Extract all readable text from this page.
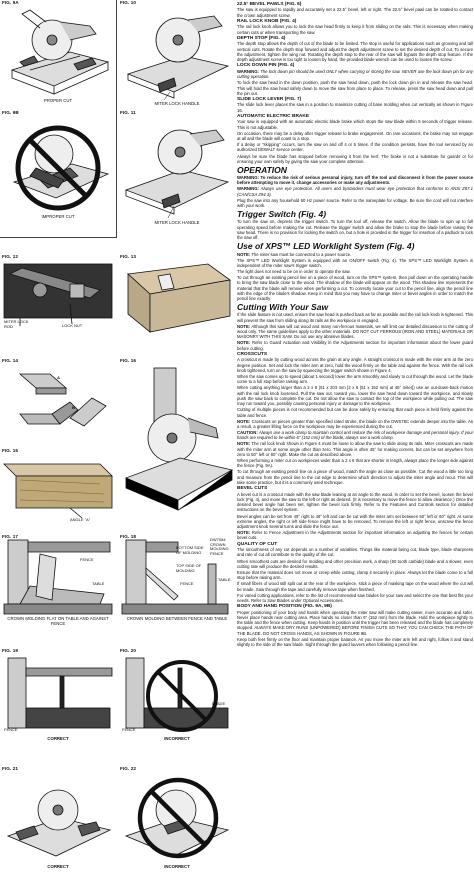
FIG. 9A
PROPER CUT
FIG. 9B
IMPROPER CUT
FIG. 10
MITER LOCK HANDLE
FIG. 11
MITER LOCK HANDLE
FIG. 12
MITER LOCK ROD	LOCK NUT
FIG. 13
FIG. 14
A
B
FIG. 15
ANGLE "A"
FIG. 16
FIG. 17
FENCE
TABLE
CROWN MOLDING FLAT ON TABLE AND AGAINST FENCE
FIG. 18
BOTTOM SIDE OF MOLDING
TOP SIDE OF MOLDING
DW7084 CROWN MOLDING FENCE
FENCE
TABLE
CROWN MOLDING BETWEEN FENCE AND TABLE
FIG. 19
FENCE
CORRECT
FIG. 20
BLADE
FENCE
INCORRECT
FIG. 21
CORRECT
FIG. 22
INCORRECT
22.5° BEVEL PAWLS (FIG. 6)

The saw is equipped to rapidly and accurately set a 22.5° bevel, left or right. The 22.5° bevel pawl can be rotated to contact the crown adjustment screw.

RAIL LOCK KNOB (FIG. 4)

The rail lock knob allows you to lock the saw head firmly to keep it from sliding on the rails. This is necessary when making certain cuts or when transporting the saw.

DEPTH STOP (FIG. 4)

The depth stop allows the depth of cut of the blade to be limited. The stop is useful for applications such as grooving and tall vertical cuts. Rotate the depth stop forward and adjust the depth adjustment screw to set the desired depth of cut. To secure the adjustment, tighten the wing nut. Rotating the depth stop to the rear of the saw will bypass the depth stop feature. If the depth adjustment screw is too tight to loosen by hand, the provided blade wrench can be used to loosen the screw.

LOCK DOWN PIN (FIG. 4)

WARNING: The lock down pin should be used ONLY when carrying or storing the saw. NEVER use the lock down pin for any cutting operation.

To lock the saw head in the down position, push the saw head down, push the lock down pin in and release the saw head. This will hold the saw head safely down to move the saw from place to place. To release, press the saw head down and pull the pin out.

SLIDE LOCK LEVER (FIG. 7)

The slide lock lever places the saw in a position to maximize cutting of base molding when cut vertically as shown in Figure 16.

AUTOMATIC ELECTRIC BRAKE

Your saw is equipped with an automatic electric blade brake which stops the saw blade within 5 seconds of trigger release. This is not adjustable.

On occasion, there may be a delay after trigger release to brake engagement. On rare occasions, the brake may not engage at all and the blade will coast to a stop.

If a delay or "skipping" occurs, turn the saw on and off 4 or 5 times. If the condition persists, have the tool serviced by an authorized DEWALT service center.

Always be sure the blade has stopped before removing it from the kerf. The brake is not a substitute for guards or for ensuring your own safety by giving the saw your complete attention.

OPERATION

WARNING: To reduce the risk of serious personal injury, turn off the tool and disconnect it from the power source before attempting to move it, change accessories or make any adjustments.

WARNING: Always use eye protection. All users and bystanders must wear eye protection that conforms to ANSI Z87.1 (CAN/CSA Z94.3).

Plug the saw into any household 60 Hz power source. Refer to the nameplate for voltage. Be sure the cord will not interfere with your work.

Trigger Switch (Fig. 4)

To turn the saw on, depress the trigger switch. To turn the tool off, release the switch. Allow the blade to spin up to full operating speed before making the cut. Release the trigger switch and allow the brake to stop the blade before raising the saw head. There is no provision for locking the switch on, but a hole is provided in the trigger for insertion of a padlock to lock the saw off.

Use of XPS™ LED Worklight System (Fig. 4)

NOTE: The miter saw must be connected to a power source.

The XPS™ LED Worklight System is equipped with an ON/OFF switch (Fig. 4). The XPS™ LED Worklight System is independent of the miter saw's trigger switch.

The light does not need to be on in order to operate the saw.

To cut through an existing pencil line on a piece of wood, turn on the XPS™ system, then pull down on the operating handle to bring the saw blade close to the wood. The shadow of the blade will appear on the wood. This shadow line represents the material that the blade will remove when performing a cut. To correctly locate your cut to the pencil line, align the pencil line with the edge of the blade's shadow. Keep in mind that you may have to change miter or bevel angles in order to match the pencil line exactly.

Cutting With Your Saw

If the slide feature is not used, ensure the saw head is pushed back as far as possible and the rail lock knob is tightened. This will prevent the saw from sliding along its rails as the workpiece is engaged.

NOTE: Although this saw will cut wood and many non-ferrous materials, we will limit our detailed discussion to the cutting of wood only. The same guidelines apply to the other materials. DO NOT CUT FERROUS (IRON AND STEEL) MATERIALS OR MASONRY WITH THIS SAW. Do not use any abrasive blades.

NOTE: Refer to Guard Actuation and Visibility in the Adjustments section for important information about the lower guard before cutting.

CROSSCUTS

A crosscut is made by cutting wood across the grain at any angle. A straight crosscut is made with the miter arm at the zero degree position. Set and lock the miter arm at zero, hold the wood firmly on the table and against the fence. With the rail lock knob tightened, turn on the saw by squeezing the trigger switch shown in Figure 4.

When the saw comes up to speed (about 1 second) lower the arm smoothly and slowly to cut through the wood. Let the blade come to a full stop before raising arm.

When cutting anything larger than a 2 x 8 (51 x 203 mm [2 x 6 (51 x 152 mm) at 45° miter]) use an out-down-back motion with the rail lock knob loosened. Pull the saw out, toward you, lower the saw head down toward the workpiece, and slowly push the saw back to complete the cut. Do not allow the saw to contact the top of the workpiece while pulling out. The saw may run toward you, possibly causing personal injury or damage to the workpiece.

Cutting of multiple pieces is not recommended but can be done safely by ensuring that each piece is held firmly against the table and fence.

NOTE: Crosscuts on pieces greater than specified rated stroke, the blade on the DWS78C extends deeper into the table. As a result, a greater lifting force on the workpiece may be experienced during the cut.

CAUTION: Always use a work clamp to maintain control and reduce the risk of workpiece damage and personal injury. If your hands are required to be within 6" (152 mm) of the blade, always use a work clamp.

NOTE: The rail lock knob shown in Figure 4 must be loose to allow the saw to slide along its rails. Miter crosscuts are made with the miter arm at some angle other than zero. This angle is often 45° for making corners, but can be set anywhere from zero to 50° left or 60° right. Make the cut as described above.

When performing a miter cut on workpieces wider than a 2 x 6 that are shorter in length, always place the longer side against the fence (Fig. 9A).

To cut through an existing pencil line on a piece of wood, match the angle as close as possible. Cut the wood a little too long and measure from the pencil line to the cut edge to determine which direction to adjust the miter angle and recut. This will take some practice, but it is a commonly used technique.

BEVEL CUTS

A bevel cut is a crosscut made with the saw blade leaning at an angle to the wood. In order to set the bevel, loosen the bevel lock (Fig. 4), and move the saw to the left or right as desired. (It is necessary to move the fence to allow clearance.) Once the desired bevel angle has been set, tighten the bevel lock firmly. Refer to the Features and Controls section for detailed instructions on the bevel system.

Bevel angles can be set from 49° right to 49° left and can be cut with the miter arm set between 50° left or 60° right. At some extreme angles, the right or left side fence might have to be removed. To remove the left or right fence, unscrew the fence adjustment knob several turns and slide the fence out.

NOTE: Refer to Fence Adjustment in the Adjustments section for important information on adjusting the fences for certain bevel cuts.

QUALITY OF CUT

The smoothness of any cut depends on a number of variables. Things like material being cut, blade type, blade sharpness and rate of cut all contribute to the quality of the cut.

When smoothest cuts are desired for molding and other precision work, a sharp (60 tooth carbide) blade and a slower, even cutting rate will produce the desired results.

Ensure that the material does not move or creep while cutting; clamp it securely in place. Always let the blade come to a full stop before raising arm.

If small fibers of wood still split out at the rear of the workpiece, stick a piece of masking tape on the wood where the cut will be made. Saw through the tape and carefully remove tape when finished.

For varied cutting applications, refer to the list of recommended saw blades for your saw and select the one that best fits your needs. Refer to Saw Blades under Optional Accessories.

BODY AND HAND POSITION (FIG. 9A, 9B)

Proper positioning of your body and hands when operating the miter saw will make cutting easier, more accurate and safer. Never place hands near cutting area. Place hands no closer than 6" (152 mm) from the blade. Hold the workpiece tightly to the table and the fence when cutting. Keep hands in position until the trigger has been released and the blade has completely stopped. ALWAYS MAKE DRY RUNS (UNPOWERED) BEFORE FINISH CUTS SO THAT YOU CAN CHECK THE PATH OF THE BLADE. DO NOT CROSS HANDS, AS SHOWN IN FIGURE 9B.

Keep both feet firmly on the floor and maintain proper balance. As you move the miter arm left and right, follow it and stand slightly to the side of the saw blade. Sight through the guard louvers when following a pencil line.
